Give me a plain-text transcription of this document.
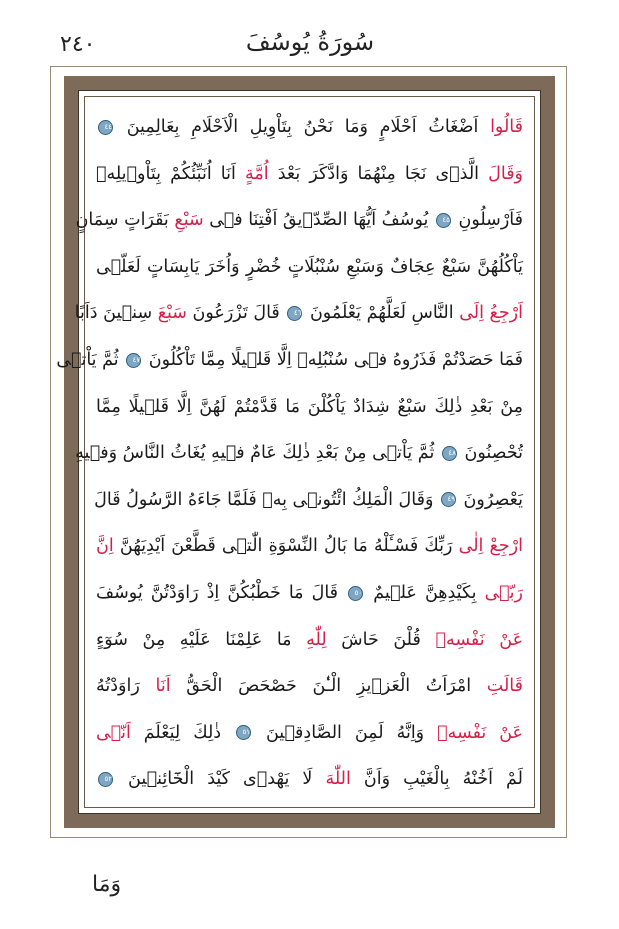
٢٤٠	سُورَةُ يُوسُفَ
قَالُوا اَضْغَاثُ اَحْلَامٍ وَمَا نَحْنُ بِتَاْوِيلِ الْاَحْلَامِ بِعَالِمِينَ
٤٤
وَقَالَ الَّذٖى نَجَا مِنْهُمَا وَادَّكَرَ بَعْدَ اُمَّةٍ اَنَا اُنَبِّئُكُمْ بِتَاْوٖيلِهٖ
فَاَرْسِلُونِ
٤٥
يُوسُفُ اَيُّهَا الصِّدّٖيقُ اَفْتِنَا فٖى سَبْعِ بَقَرَاتٍ سِمَانٍ
يَاْكُلُهُنَّ سَبْعٌ عِجَافٌ وَسَبْعِ سُنْبُلَاتٍ خُضْرٍ وَاُخَرَ يَابِسَاتٍ لَعَلّٖى
اَرْجِعُ اِلَى النَّاسِ لَعَلَّهُمْ يَعْلَمُونَ
٤٦
قَالَ تَزْرَعُونَ سَبْعَ سِنٖينَ دَاَبًا
فَمَا حَصَدْتُمْ فَذَرُوهُ فٖى سُنْبُلِهٖ اِلَّا قَلٖيلًا مِمَّا تَاْكُلُونَ
٤٧
ثُمَّ يَاْتٖى
مِنْ بَعْدِ ذٰلِكَ سَبْعٌ شِدَادٌ يَاْكُلْنَ مَا قَدَّمْتُمْ لَهُنَّ اِلَّا قَلٖيلًا مِمَّا
تُحْصِنُونَ
٤٨
ثُمَّ يَاْتٖى مِنْ بَعْدِ ذٰلِكَ عَامٌ فٖيهِ يُغَاثُ النَّاسُ وَفٖيهِ
يَعْصِرُونَ
٤٩
وَقَالَ الْمَلِكُ ائْتُونٖى بِهٖ فَلَمَّا جَاءَهُ الرَّسُولُ قَالَ
ارْجِعْ اِلٰى رَبِّكَ فَسْـَٔلْهُ مَا بَالُ النِّسْوَةِ الّٰتٖى قَطَّعْنَ اَيْدِيَهُنَّ اِنَّ
رَبّٖى بِكَيْدِهِنَّ عَلٖيمٌ
٥٠
قَالَ مَا خَطْبُكُنَّ اِذْ رَاوَدْتُنَّ يُوسُفَ
عَنْ نَفْسِهٖ قُلْنَ حَاشَ لِلّٰهِ مَا عَلِمْنَا عَلَيْهِ مِنْ سُوٓءٍ
قَالَتِ امْرَاَتُ الْعَزٖيزِ الْـٰٔنَ حَصْحَصَ الْحَقُّ اَنَا رَاوَدْتُهُ
عَنْ نَفْسِهٖ وَاِنَّهُ لَمِنَ الصَّادِقٖينَ
٥١
ذٰلِكَ لِيَعْلَمَ اَنّٖى
لَمْ اَخُنْهُ بِالْغَيْبِ وَاَنَّ اللّٰهَ لَا يَهْدٖى كَيْدَ الْخَٓائِنٖينَ
٥٢
وَمَا
